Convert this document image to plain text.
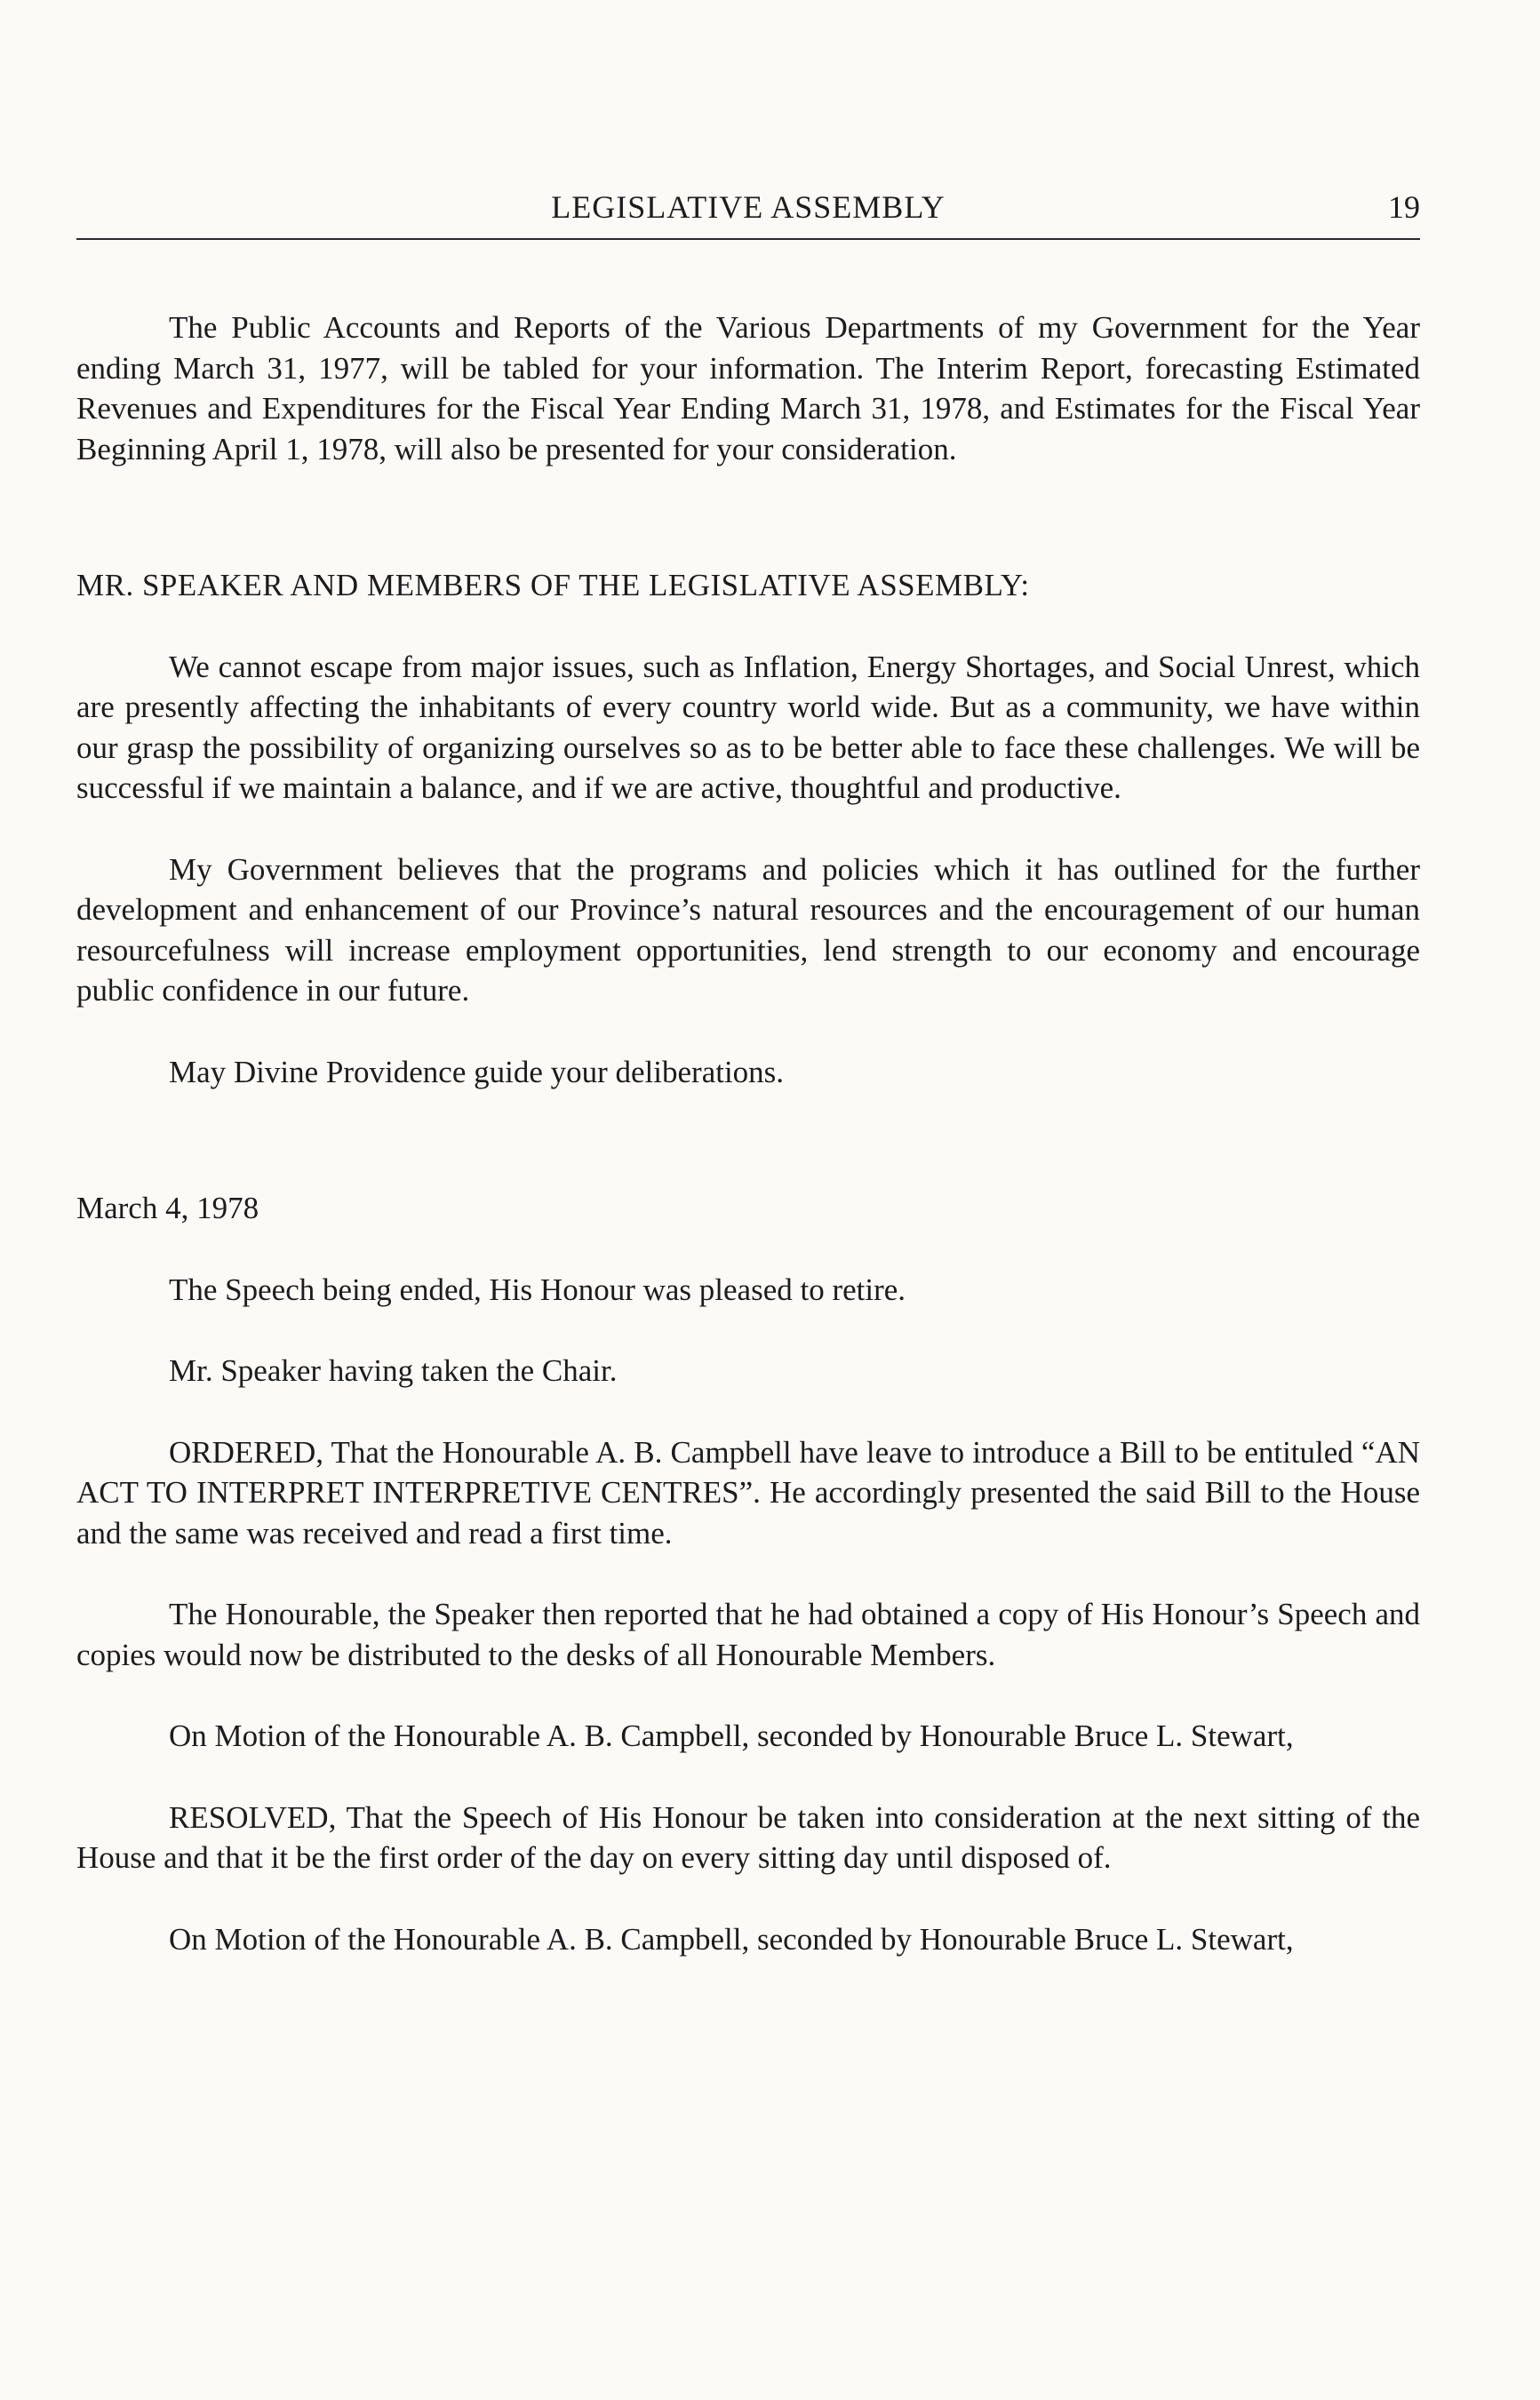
LEGISLATIVE ASSEMBLY	19

The Public Accounts and Reports of the Various Departments of my Government for the Year ending March 31, 1977, will be tabled for your information. The Interim Report, forecasting Estimated Revenues and Expenditures for the Fiscal Year Ending March 31, 1978, and Estimates for the Fiscal Year Beginning April 1, 1978, will also be presented for your consideration.

MR. SPEAKER AND MEMBERS OF THE LEGISLATIVE ASSEMBLY:

We cannot escape from major issues, such as Inflation, Energy Shortages, and Social Unrest, which are presently affecting the inhabitants of every country world wide. But as a community, we have within our grasp the possibility of organizing ourselves so as to be better able to face these challenges. We will be successful if we maintain a balance, and if we are active, thoughtful and productive.

My Government believes that the programs and policies which it has outlined for the further development and enhancement of our Province’s natural resources and the encouragement of our human resourcefulness will increase employment opportunities, lend strength to our economy and encourage public confidence in our future.

May Divine Providence guide your deliberations.

March 4, 1978

The Speech being ended, His Honour was pleased to retire.

Mr. Speaker having taken the Chair.

ORDERED, That the Honourable A. B. Campbell have leave to introduce a Bill to be entituled “AN ACT TO INTERPRET INTERPRETIVE CENTRES”. He accordingly presented the said Bill to the House and the same was received and read a first time.

The Honourable, the Speaker then reported that he had obtained a copy of His Honour’s Speech and copies would now be distributed to the desks of all Honourable Members.

On Motion of the Honourable A. B. Campbell, seconded by Honourable Bruce L. Stewart,

RESOLVED, That the Speech of His Honour be taken into consideration at the next sitting of the House and that it be the first order of the day on every sitting day until disposed of.

On Motion of the Honourable A. B. Campbell, seconded by Honourable Bruce L. Stewart,
